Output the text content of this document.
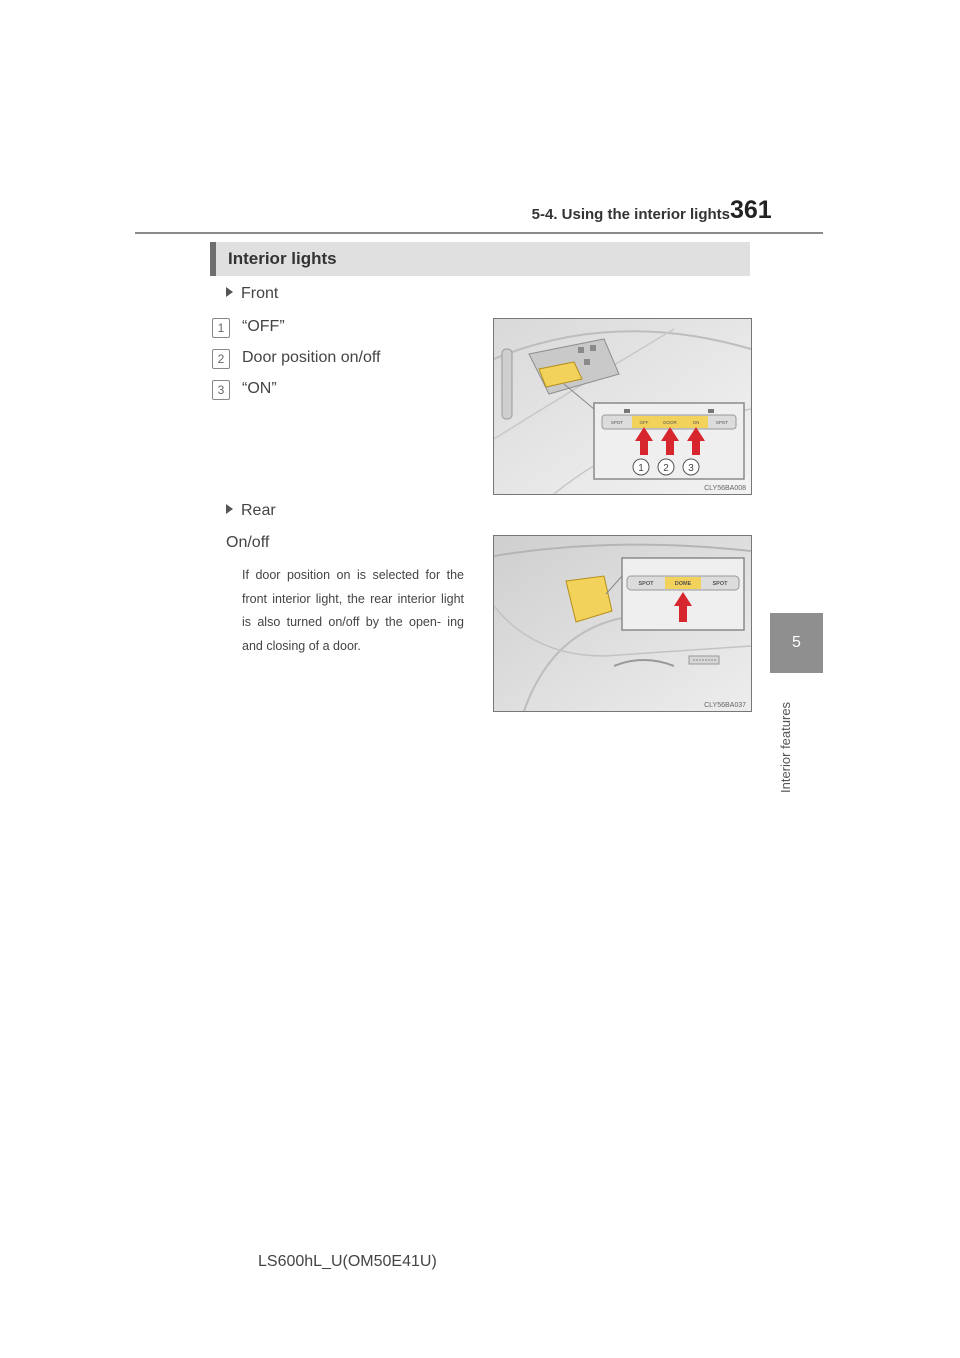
5-4. Using the interior lights 361
5
Interior features
Interior lights
Front
1	“OFF”
2	Door position on/off
3	“ON”
SPOT	OFF	DOOR	ON	SPOT
1 2 3
CLY56BA008
Rear
On/off
If door position on is selected for the front interior light, the rear interior light is also turned on/off by the open- ing and closing of a door.
SPOT	DOME	SPOT
CLY56BA037
LS600hL_U(OM50E41U)
